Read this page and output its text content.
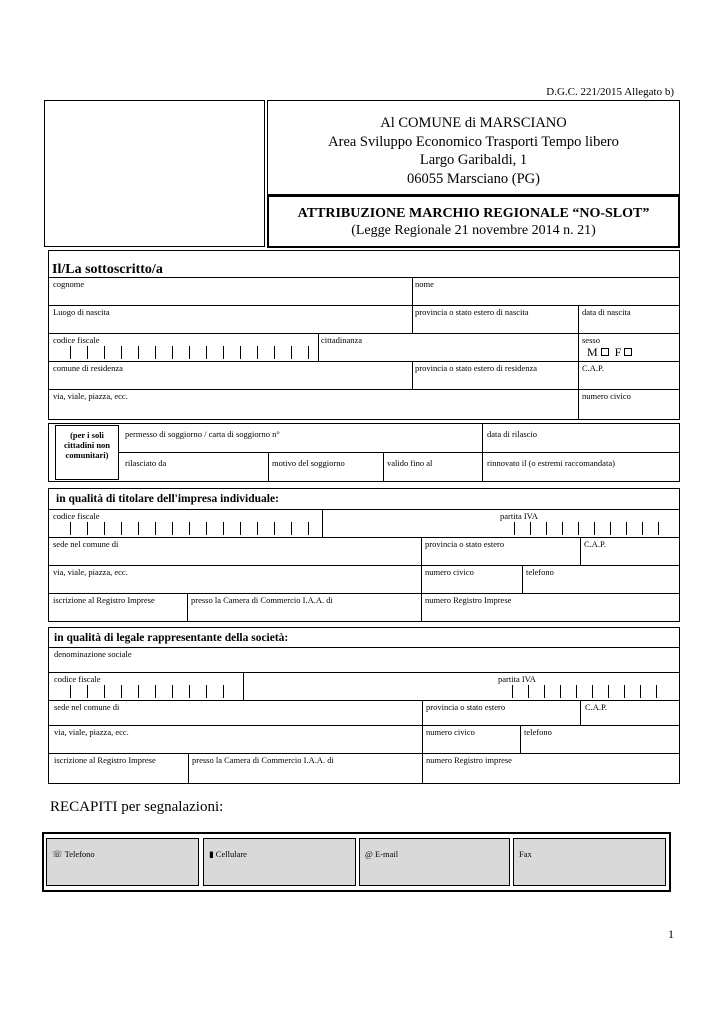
D.G.C. 221/2015 Allegato b)
Al COMUNE di MARSCIANO
Area Sviluppo Economico Trasporti Tempo libero
Largo Garibaldi, 1
06055 Marsciano (PG)
ATTRIBUZIONE MARCHIO REGIONALE “NO-SLOT”
(Legge Regionale 21 novembre 2014 n. 21)
Il/La sottoscritto/a
cognome	nome
Luogo di nascita	provincia o stato estero di nascita	data di nascita
codice fiscale	cittadinanza	sesso
M F
comune di residenza	provincia o stato estero di residenza	C.A.P.
via, viale, piazza, ecc.	numero civico
(per i soli
cittadini non
comunitari)
permesso di soggiorno / carta di soggiorno n°	data di rilascio
rilasciato da	motivo del soggiorno	valido fino al	rinnovato il (o estremi raccomandata)
in qualità di titolare dell'impresa individuale:
codice fiscale	partita IVA
sede nel comune di	provincia o stato estero	C.A.P.
via, viale, piazza, ecc.	numero civico	telefono
iscrizione al Registro Imprese	presso la Camera di Commercio I.A.A. di	numero Registro Imprese
in qualità di legale rappresentante della società:
denominazione sociale
codice fiscale	partita IVA
sede nel comune di	provincia o stato estero	C.A.P.
via, viale, piazza, ecc.	numero civico	telefono
iscrizione al Registro Imprese	presso la Camera di Commercio I.A.A. di	numero Registro imprese
RECAPITI per segnalazioni:
☏ Telefono	▮ Cellulare	@ E-mail	Fax
1
